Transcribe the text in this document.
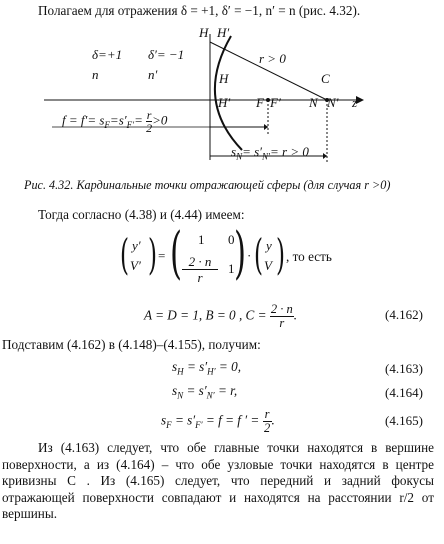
Полагаем для отражения δ = +1, δ′ = −1, n′ = n (рис. 4.32).
H H′
H
r > 0
δ=+1 δ′= −1
n	n′	C
H′ F F′ N N′ z
$f = f'= s_F=s'_{F'}= \frac{r}{2} >0$
$s_N= s'_{N'}= r > 0$
Рис. 4.32. Кардинальные точки отражающей сферы (для случая r >0)
Тогда согласно (4.38) и (4.44) имеем:
( y′
V′ ) = ( 1 0
$\frac{2 \cdot n}{r} 1$ ) · ( y
V ) , то есть
A = D = 1, B = 0 , $C = \frac{2 \cdot n}{r}$ .	(4.162)
Подставим (4.162) в (4.148)–(4.155), получим:
$s_H = s'_{H'} = 0$,	(4.163)
$s_N = s'_{N'} = r$,	(4.164)
$s_F = s'_{F'} = f = f$ ′ = $\frac{r}{2}$ .	(4.165)
Из (4.163) следует, что обе главные точки находятся в вершине поверхности, а из (4.164) – что обе узловые точки находятся в центре кривизны C . Из (4.165) следует, что передний и задний фокусы отражающей поверхности совпадают и находятся на расстоянии r/2 от вершины.
